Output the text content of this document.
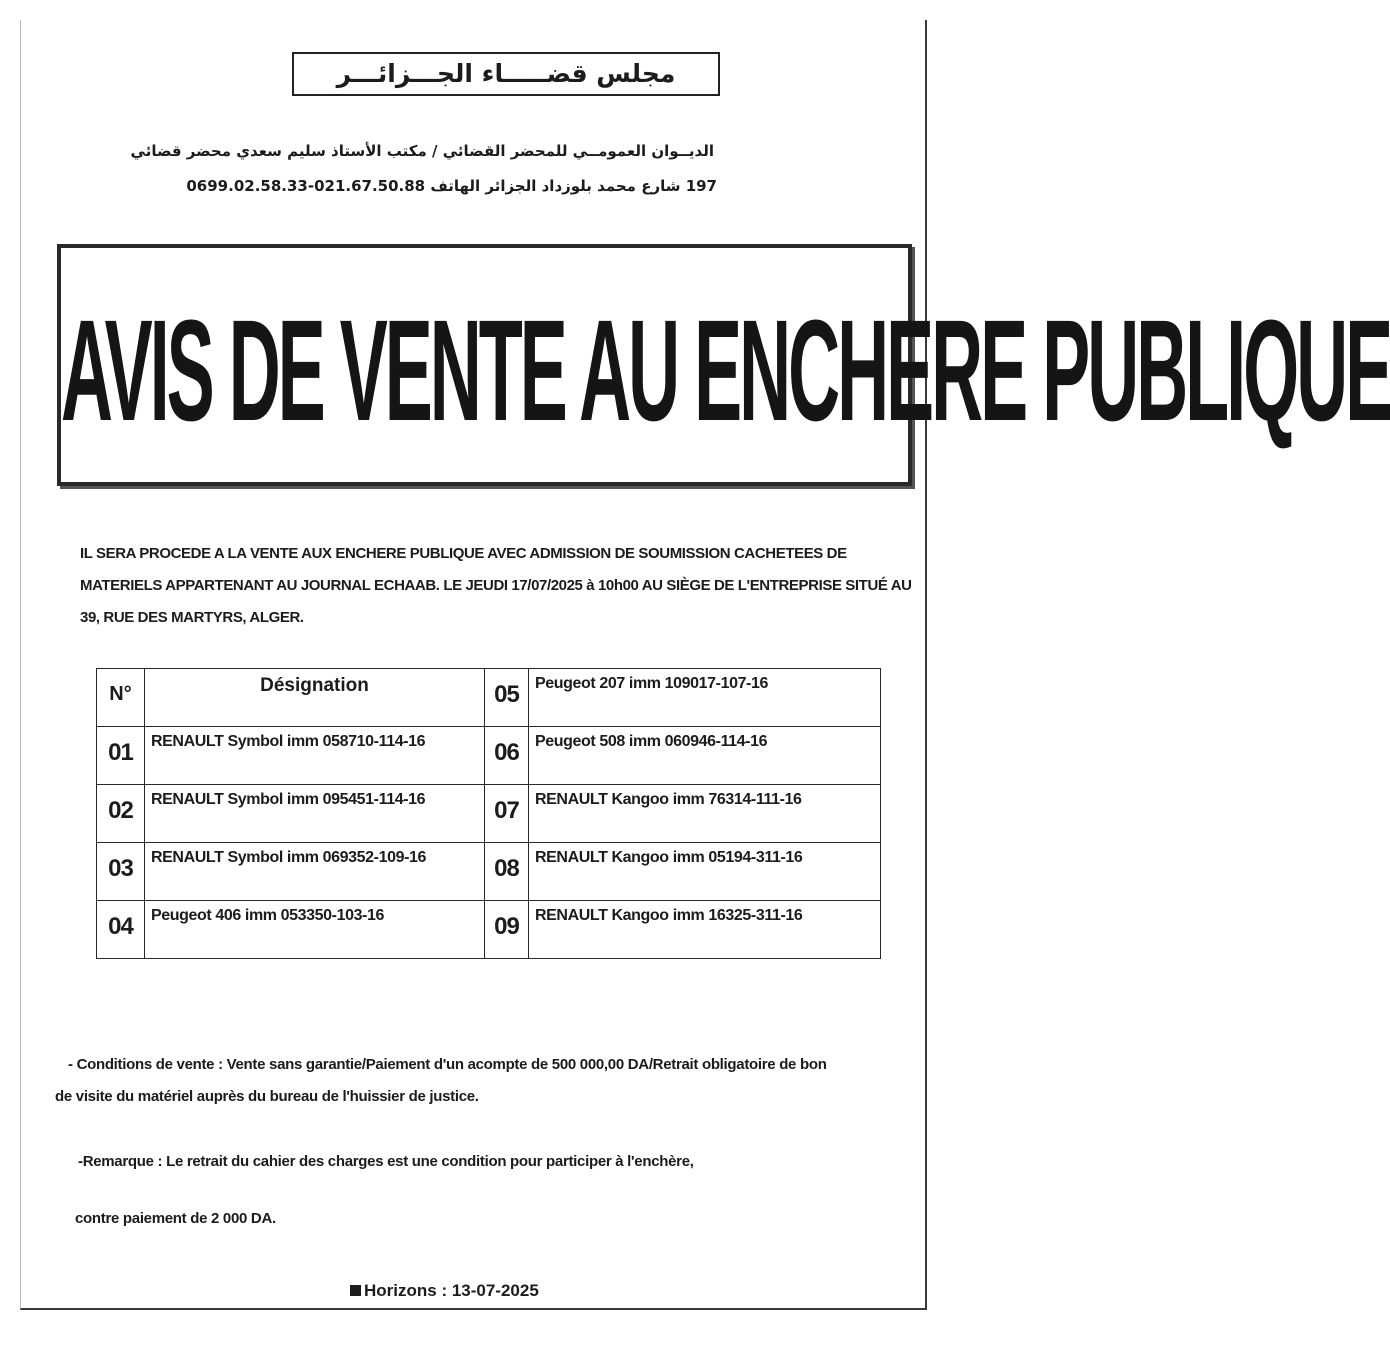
مجلس قضـــــاء الجـــزائـــر
الديــوان العمومــي للمحضر القضائي / مكتب الأستاذ سليم سعدي محضر قضائي
197 شارع محمد بلوزداد الجزائر الهاتف 021.67.50.88-0699.02.58.33
AVIS DE VENTE AU ENCHERE PUBLIQUE
IL SERA PROCEDE A LA VENTE AUX ENCHERE PUBLIQUE AVEC ADMISSION DE SOUMISSION CACHETEES DE MATERIELS APPARTENANT AU JOURNAL ECHAAB. LE JEUDI 17/07/2025 à 10h00 AU SIÈGE DE L'ENTREPRISE SITUÉ AU 39, RUE DES MARTYRS, ALGER.
N°	Désignation	05	Peugeot 207 imm 109017-107-16
01	RENAULT Symbol imm 058710-114-16	06	Peugeot 508 imm 060946-114-16
02	RENAULT Symbol imm 095451-114-16	07	RENAULT Kangoo imm 76314-111-16
03	RENAULT Symbol imm 069352-109-16	08	RENAULT Kangoo imm 05194-311-16
04	Peugeot 406 imm 053350-103-16	09	RENAULT Kangoo imm 16325-311-16
- Conditions de vente : Vente sans garantie/Paiement d'un acompte de 500 000,00 DA/Retrait obligatoire de bon
de visite du matériel auprès du bureau de l'huissier de justice.
-Remarque : Le retrait du cahier des charges est une condition pour participer à l'enchère,
contre paiement de 2 000 DA.
Horizons : 13-07-2025
